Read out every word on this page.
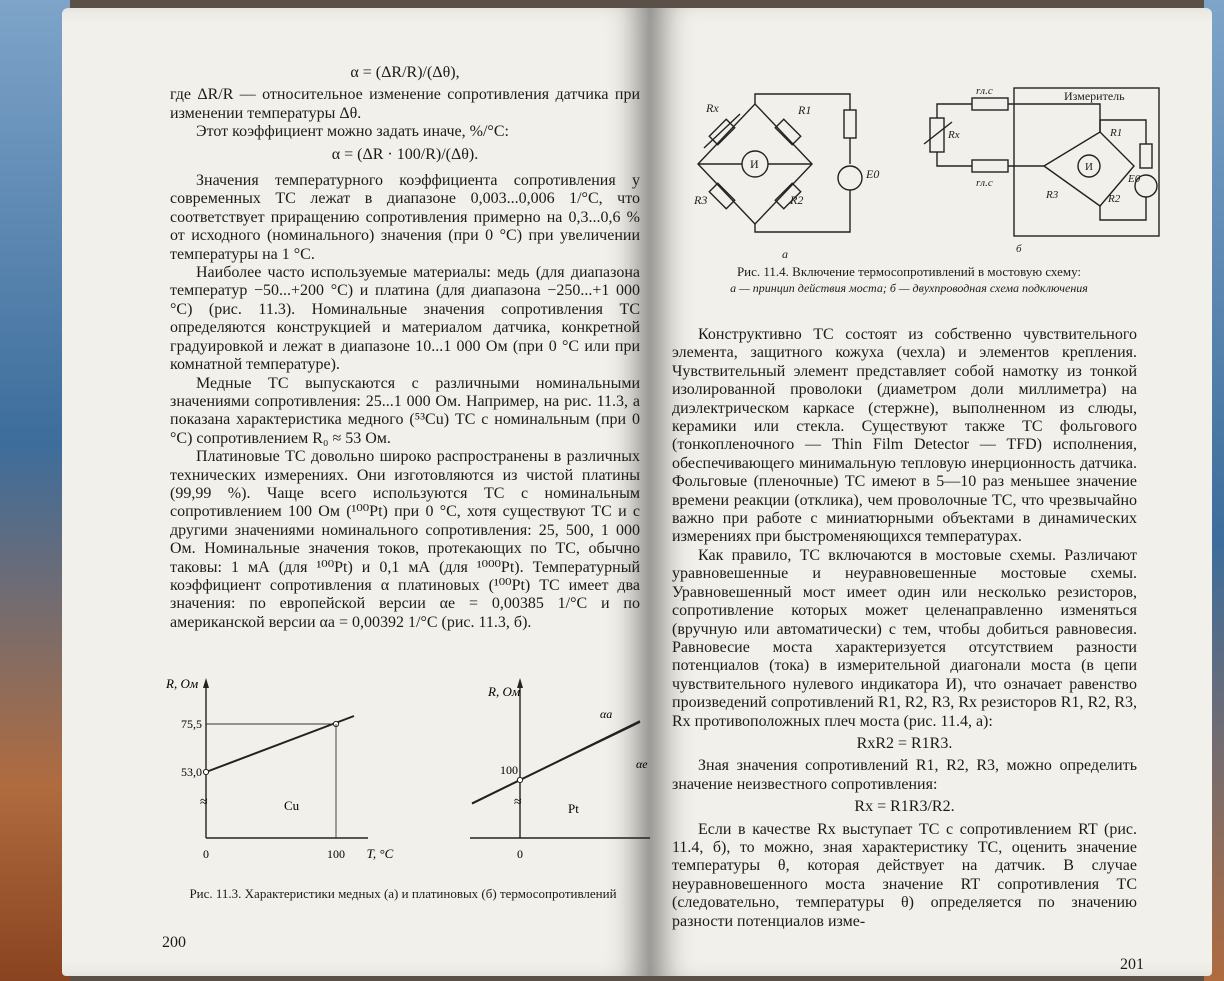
α = (ΔR/R)/(Δθ),

где ΔR/R — относительное изменение сопротивления датчика при изменении температуры Δθ.

Этот коэффициент можно задать иначе, %/°С:

α = (ΔR · 100/R)/(Δθ).

Значения температурного коэффициента сопротивления у современных ТС лежат в диапазоне 0,003...0,006 1/°С, что соответствует приращению сопротивления примерно на 0,3...0,6 % от исходного (номинального) значения (при 0 °С) при увеличении температуры на 1 °С.

Наиболее часто используемые материалы: медь (для диапазона температур −50...+200 °С) и платина (для диапазона −250...+1 000 °С) (рис. 11.3). Номинальные значения сопротивления ТС определяются конструкцией и материалом датчика, конкретной градуировкой и лежат в диапазоне 10...1 000 Ом (при 0 °С или при комнатной температуре).

Медные ТС выпускаются с различными номинальными значениями сопротивления: 25...1 000 Ом. Например, на рис. 11.3, а показана характеристика медного (⁵³Cu) ТС с номинальным (при 0 °С) сопротивлением R₀ ≈ 53 Ом.

Платиновые ТС довольно широко распространены в различных технических измерениях. Они изготовляются из чистой платины (99,99 %). Чаще всего используются ТС с номинальным сопротивлением 100 Ом (¹⁰⁰Pt) при 0 °С, хотя существуют ТС и с другими значениями номинального сопротивления: 25, 500, 1 000 Ом. Номинальные значения токов, протекающих по ТС, обычно таковы: 1 мА (для ¹⁰⁰Pt) и 0,1 мА (для ¹⁰⁰⁰Pt). Температурный коэффициент сопротивления α платиновых (¹⁰⁰Pt) ТС имеет два значения: по европейской версии αе = 0,00385 1/°С и по американской версии αа = 0,00392 1/°С (рис. 11.3, б).

≈
R, Ом
T, °C
Cu
53,0
75,5
0	100
≈
R, Ом
Pt
αа
αе
100
0
Рис. 11.3. Характеристики медных (а) и платиновых (б) термосопротивлений
200
Rx	R1
R3	R2
И
E0
а
rл.с
rл.с
Rx
Измеритель
R1
R3	R2
И
E0
б
Рис. 11.4. Включение термосопротивлений в мостовую схему:
а — принцип действия моста; б — двухпроводная схема подключения

Конструктивно ТС состоят из собственно чувствительного элемента, защитного кожуха (чехла) и элементов крепления. Чувствительный элемент представляет собой намотку из тонкой изолированной проволоки (диаметром доли миллиметра) на диэлектрическом каркасе (стержне), выполненном из слюды, керамики или стекла. Существуют также ТС фольгового (тонкопленочного — Thin Film Detector — TFD) исполнения, обеспечивающего минимальную тепловую инерционность датчика. Фольговые (пленочные) ТС имеют в 5—10 раз меньшее значение времени реакции (отклика), чем проволочные ТС, что чрезвычайно важно при работе с миниатюрными объектами в динамических измерениях при быстроменяющихся температурах.

Как правило, ТС включаются в мостовые схемы. Различают уравновешенные и неуравновешенные мостовые схемы. Уравновешенный мост имеет один или несколько резисторов, сопротивление которых может целенаправленно изменяться (вручную или автоматически) с тем, чтобы добиться равновесия. Равновесие моста характеризуется отсутствием разности потенциалов (тока) в измерительной диагонали моста (в цепи чувствительного нулевого индикатора И), что означает равенство произведений сопротивлений R1, R2, R3, Rx резисторов R1, R2, R3, Rx противоположных плеч моста (рис. 11.4, а):

RxR2 = R1R3.

Зная значения сопротивлений R1, R2, R3, можно определить значение неизвестного сопротивления:

Rx = R1R3/R2.

Если в качестве Rx выступает ТС с сопротивлением RT (рис. 11.4, б), то можно, зная характеристику ТС, оценить значение температуры θ, которая действует на датчик. В случае неуравновешенного моста значение RT сопротивления ТС (следовательно, температуры θ) определяется по значению разности потенциалов изме-

201
